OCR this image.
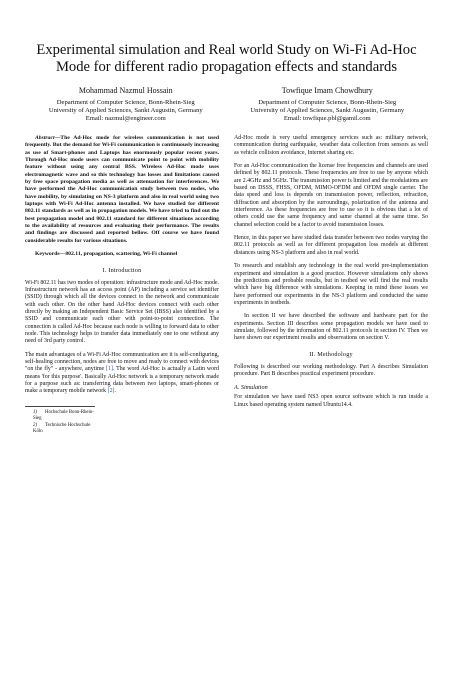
Experimental simulation and Real world Study on Wi-Fi Ad-Hoc Mode for different radio propagation effects and standards
Mohammad Nazmul Hossain
Department of Computer Science, Bonn-Rhein-Sieg
University of Applied Sciences, Sankt Augustin, Germany
Email: nazmul@engineer.com
Towfique Imam Chowdhury
Department of Computer Science, Bonn-Rhein-Sieg
University of Applied Sciences, Sankt Augustin, Germany
Email: towfique.pbl@gamil.com

Abstract—The Ad-Hoc mode for wireless communication is not used frequently. But the demand for Wi-Fi communication is continuously increasing as use of Smart-phones and Laptops has enormously popular recent years. Through Ad-Hoc mode users can communicate point to point with mobility feature without using any central BSS. Wireless Ad-Hoc mode uses electromagnetic wave and so this technology has losses and limitations caused by free space propagation media as well as attenuation for interferences. We have performed the Ad-Hoc communication study between two nodes, who have mobility, by simulating on NS-3 platform and also in real world using two laptops with Wi-Fi Ad-Hoc antenna installed. We have studied for different 802.11 standards as well as in propagation models. We have tried to find out the best propagation model and 802.11 standard for different situations according to the availability of resources and evaluating their performance. The results and findings are discussed and reported bellow. Off course we have found considerable results for various situations.

Keywords—802.11, propagation, scattering, Wi-Fi channel

I. Introduction

Wi-Fi 802.11 has two modes of operation: infrastructure mode and Ad-Hoc mode. Infrastructure network has an access point (AP) including a service set identifier (SSID) through which all the devices connect to the network and communicate with each other. On the other hand Ad-Hoc devices connect with each other directly by making an Independent Basic Service Set (IBSS) also identified by a SSID and communicate each other with point-to-point connection. The connection is called Ad-Hoc because each node is willing to forward data to other node. This technology helps to transfer data immediately one to one without any need of 3rd party control.

The main advantages of a Wi-Fi Ad-Hoc communication are it is self-configuring, self-healing connection, nodes are free to move and ready to connect with devices "on the fly" - anywhere, anytime [1]. The word Ad-Hoc is actually a Latin word means 'for this purpose'. Basically Ad-Hoc network is a temporary network made for a purpose such as: transferring data between two laptops, smart-phones or make a temporary mobile network [2].

1) Hochschule Bonn-Rhein-Sieg
2) Technische Hochschule Köln

Ad-Hoc mode is very useful emergency services such as: military network, communication during earthquake, weather data collection from sensors as well as vehicle collision avoidance, Internet sharing etc.

For an Ad-Hoc communication the license free frequencies and channels are used defined by 802.11 protocols. These frequencies are free to use by anyone which are 2.4GHz and 5GHz. The transmission power is limited and the modulations are based on DSSS, FHSS, OFDM, MIMO-OFDM and OFDM single carrier. The data speed and loss is depends on transmission power, reflection, refraction, diffraction and absorption by the surroundings, polarization of the antenna and interference. As these frequencies are free to use so it is obvious that a lot of others could use the same frequency and same channel at the same time. So channel selection could be a factor to avoid transmission losses.

Hence, in this paper we have studied data transfer between two nodes varying the 802.11 protocols as well as for different propagation loss models at different distances using NS-3 platform and also in real world.

To research and establish any technology in the real world pre-implementation experiment and simulation is a good practice. However simulations only shows the predictions and probable results, but in testbed we will find the real results which have big difference with simulations. Keeping in mind these issues we have performed our experiments in the NS-3 platform and conducted the same experiments in testbeds.

In section II we have described the software and hardware part for the experiments. Section III describes some propagation models we have used to simulate, followed by the information of 802.11 protocols in section IV. Then we have shown our experiment results and observations on section V.

II. Methodology

Following is described our working methodology. Part A describes Simulation procedure. Part B describes practical experiment procedure.

A. Simulation

For simulation we have used NS3 open source software which is run inside a Linux based operating system named Ubuntu14.4.
